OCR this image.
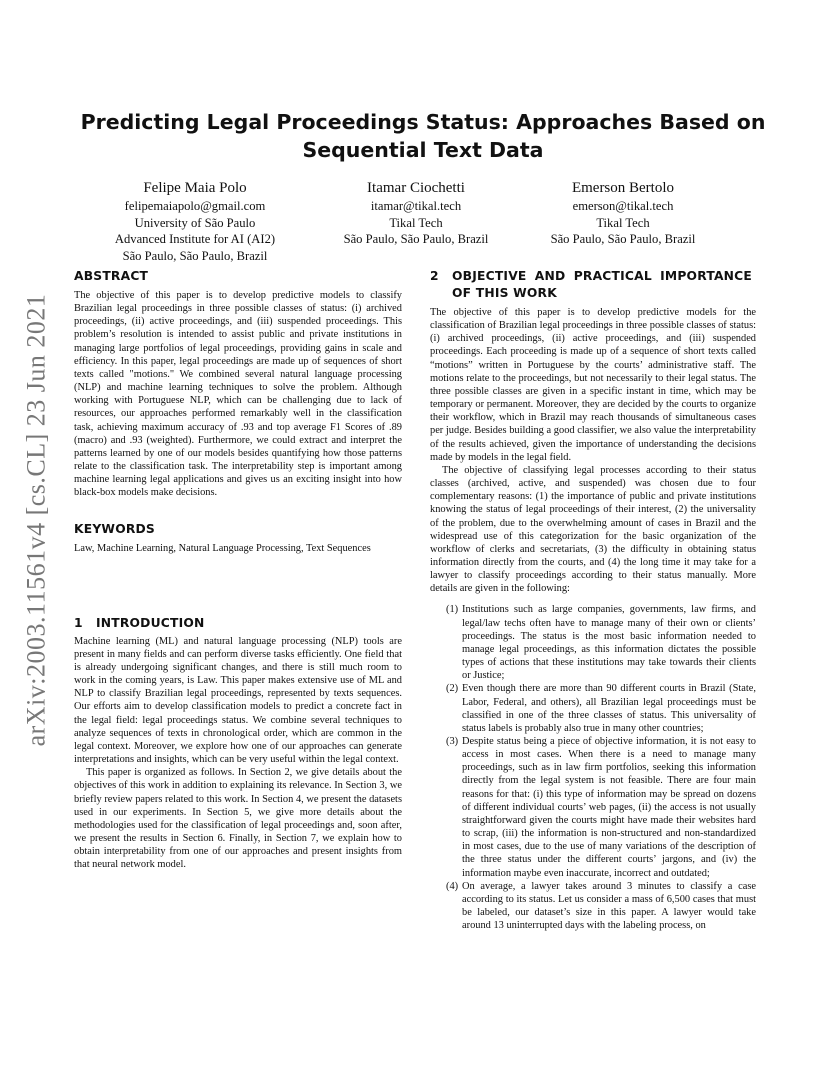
arXiv:2003.11561v4 [cs.CL] 23 Jun 2021
Predicting Legal Proceedings Status: Approaches Based on Sequential Text Data
Felipe Maia Polo
felipemaiapolo@gmail.com
University of São Paulo
Advanced Institute for AI (AI2)
São Paulo, São Paulo, Brazil
Itamar Ciochetti
itamar@tikal.tech
Tikal Tech
São Paulo, São Paulo, Brazil
Emerson Bertolo
emerson@tikal.tech
Tikal Tech
São Paulo, São Paulo, Brazil
ABSTRACT

The objective of this paper is to develop predictive models to classify Brazilian legal proceedings in three possible classes of status: (i) archived proceedings, (ii) active proceedings, and (iii) suspended proceedings. This problem’s resolution is intended to assist public and private institutions in managing large portfolios of legal proceedings, providing gains in scale and efficiency. In this paper, legal proceedings are made up of sequences of short texts called "motions." We combined several natural language processing (NLP) and machine learning techniques to solve the problem. Although working with Portuguese NLP, which can be challenging due to lack of resources, our approaches performed remarkably well in the classification task, achieving maximum accuracy of .93 and top average F1 Scores of .89 (macro) and .93 (weighted). Furthermore, we could extract and interpret the patterns learned by one of our models besides quantifying how those patterns relate to the classification task. The interpretability step is important among machine learning legal applications and gives us an exciting insight into how black-box models make decisions.

KEYWORDS

Law, Machine Learning, Natural Language Processing, Text Sequences

1 INTRODUCTION

Machine learning (ML) and natural language processing (NLP) tools are present in many fields and can perform diverse tasks efficiently. One field that is already undergoing significant changes, and there is still much room to work in the coming years, is Law. This paper makes extensive use of ML and NLP to classify Brazilian legal proceedings, represented by texts sequences. Our efforts aim to develop classification models to predict a concrete fact in the legal field: legal proceedings status. We combine several techniques to analyze sequences of texts in chronological order, which are common in the legal context. Moreover, we explore how one of our approaches can generate interpretations and insights, which can be very useful within the legal context.

This paper is organized as follows. In Section 2, we give details about the objectives of this work in addition to explaining its relevance. In Section 3, we briefly review papers related to this work. In Section 4, we present the datasets used in our experiments. In Section 5, we give more details about the methodologies used for the classification of legal proceedings and, soon after, we present the results in Section 6. Finally, in Section 7, we explain how to obtain interpretability from one of our approaches and present insights from that neural network model.

2 OBJECTIVE AND PRACTICAL IMPORTANCE OF THIS WORK

The objective of this paper is to develop predictive models for the classification of Brazilian legal proceedings in three possible classes of status: (i) archived proceedings, (ii) active proceedings, and (iii) suspended proceedings. Each proceeding is made up of a sequence of short texts called “motions” written in Portuguese by the courts’ administrative staff. The motions relate to the proceedings, but not necessarily to their legal status. The three possible classes are given in a specific instant in time, which may be temporary or permanent. Moreover, they are decided by the courts to organize their workflow, which in Brazil may reach thousands of simultaneous cases per judge. Besides building a good classifier, we also value the interpretability of the results achieved, given the importance of understanding the decisions made by models in the legal field.

The objective of classifying legal processes according to their status classes (archived, active, and suspended) was chosen due to four complementary reasons: (1) the importance of public and private institutions knowing the status of legal proceedings of their interest, (2) the universality of the problem, due to the overwhelming amount of cases in Brazil and the widespread use of this categorization for the basic organization of the workflow of clerks and secretariats, (3) the difficulty in obtaining status information directly from the courts, and (4) the long time it may take for a lawyer to classify proceedings according to their status manually. More details are given in the following:

(1) Institutions such as large companies, governments, law firms, and legal/law techs often have to manage many of their own or clients’ proceedings. The status is the most basic information needed to manage legal proceedings, as this information dictates the possible types of actions that these institutions may take towards their clients or Justice;
(2) Even though there are more than 90 different courts in Brazil (State, Labor, Federal, and others), all Brazilian legal proceedings must be classified in one of the three classes of status. This universality of status labels is probably also true in many other countries;
(3) Despite status being a piece of objective information, it is not easy to access in most cases. When there is a need to manage many proceedings, such as in law firm portfolios, seeking this information directly from the legal system is not feasible. There are four main reasons for that: (i) this type of information may be spread on dozens of different individual courts’ web pages, (ii) the access is not usually straightforward given the courts might have made their websites hard to scrap, (iii) the information is non-structured and non-standardized in most cases, due to the use of many variations of the description of the three status under the different courts’ jargons, and (iv) the information maybe even inaccurate, incorrect and outdated;
(4) On average, a lawyer takes around 3 minutes to classify a case according to its status. Let us consider a mass of 6,500 cases that must be labeled, our dataset’s size in this paper. A lawyer would take around 13 uninterrupted days with the labeling process, on
